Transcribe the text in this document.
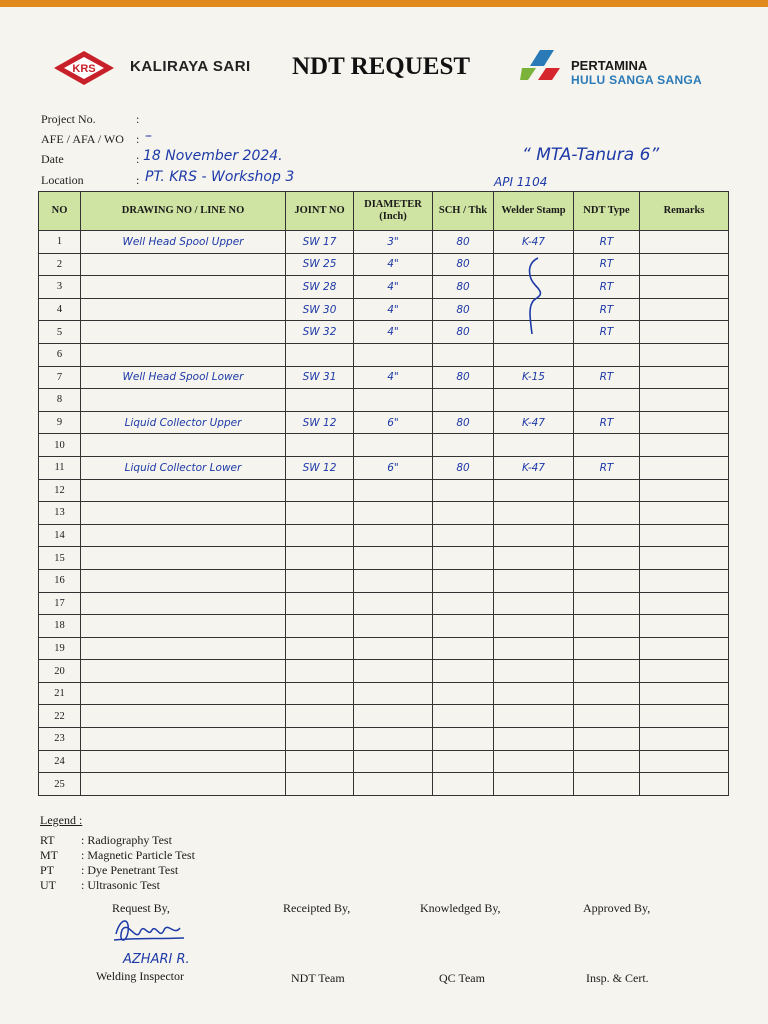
KRS KALIRAYA SARI NDT REQUEST	PERTAMINA
HULU SANGA SANGA
Project No.	:
AFE / AFA / WO : –
Date	: 18 November 2024.
Location	: PT. KRS - Workshop 3
“ MTA-Tanura 6”
API 1104
NO	DRAWING NO / LINE NO	JOINT NO	DIAMETER (Inch)	SCH / Thk	Welder Stamp	NDT Type	Remarks
1	Well Head Spool Upper	SW 17	3"	80	K-47	RT	
2		SW 25	4"	80		RT	
3		SW 28	4"	80		RT	
4		SW 30	4"	80		RT	
5		SW 32	4"	80		RT	
6							
7	Well Head Spool Lower	SW 31	4"	80	K-15	RT	
8							
9	Liquid Collector Upper	SW 12	6"	80	K-47	RT	
10							
11	Liquid Collector Lower	SW 12	6"	80	K-47	RT	
12							
13							
14							
15							
16							
17							
18							
19							
20							
21							
22							
23							
24							
25							
Legend :
RT : Radiography Test
MT : Magnetic Particle Test
PT : Dye Penetrant Test
UT : Ultrasonic Test
Request By,	Receipted By,	Knowledged By,	Approved By,
AZHARI R.
Welding Inspector	NDT Team	QC Team	Insp. & Cert.
